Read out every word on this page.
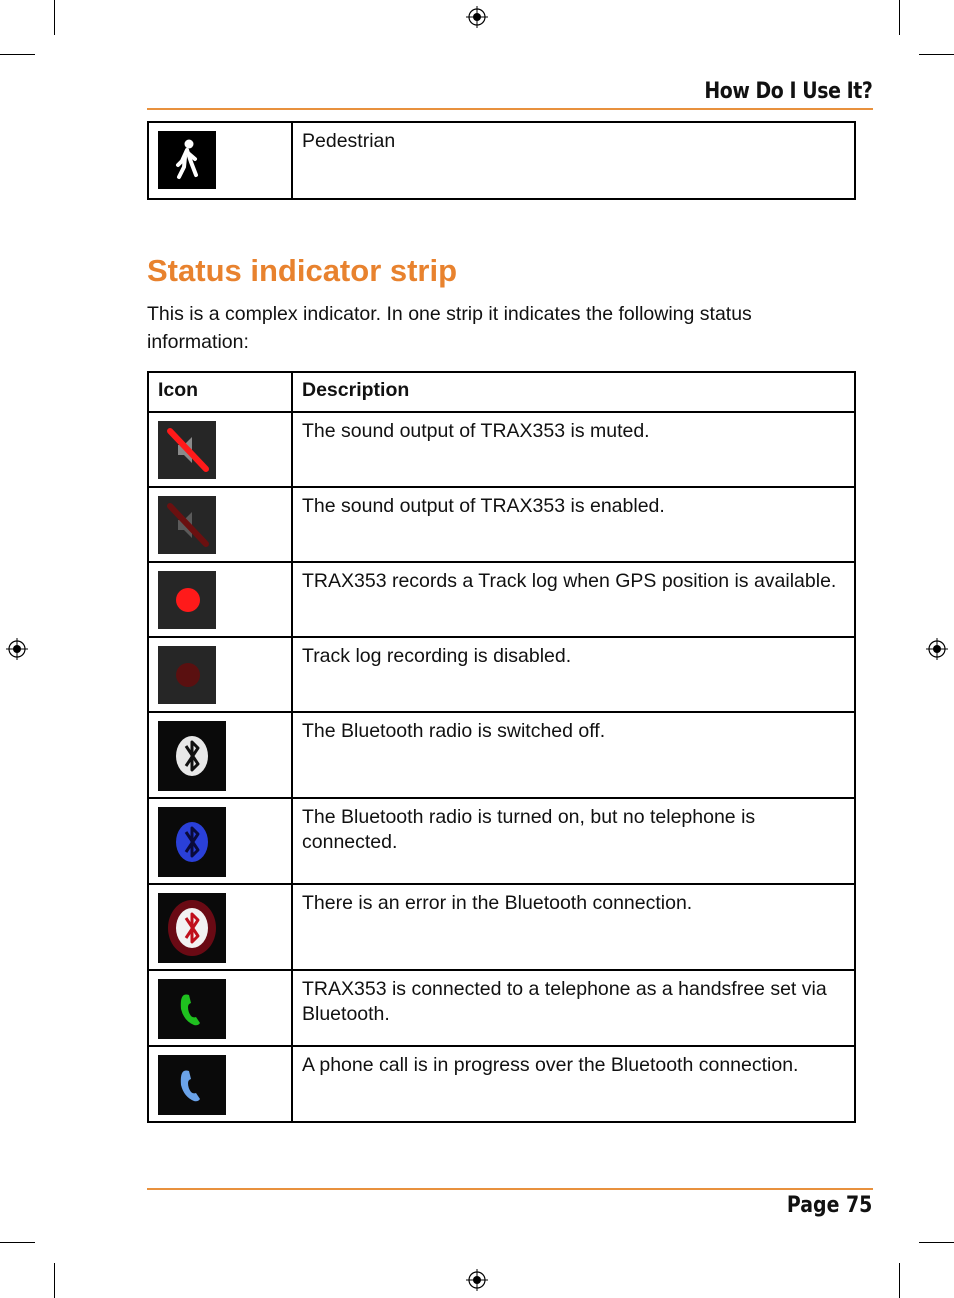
How Do I Use It?
	Pedestrian
Status indicator strip
This is a complex indicator. In one strip it indicates the following status information:
Icon	Description

	The sound output of TRAX353 is muted.

	The sound output of TRAX353 is enabled.

	TRAX353 records a Track log when GPS position is available.

	Track log recording is disabled.

	The Bluetooth radio is switched off.

	The Bluetooth radio is turned on, but no telephone is connected.

	There is an error in the Bluetooth connection.

	TRAX353 is connected to a telephone as a handsfree set via Bluetooth.

	A phone call is in progress over the Bluetooth connection.
Page 75
